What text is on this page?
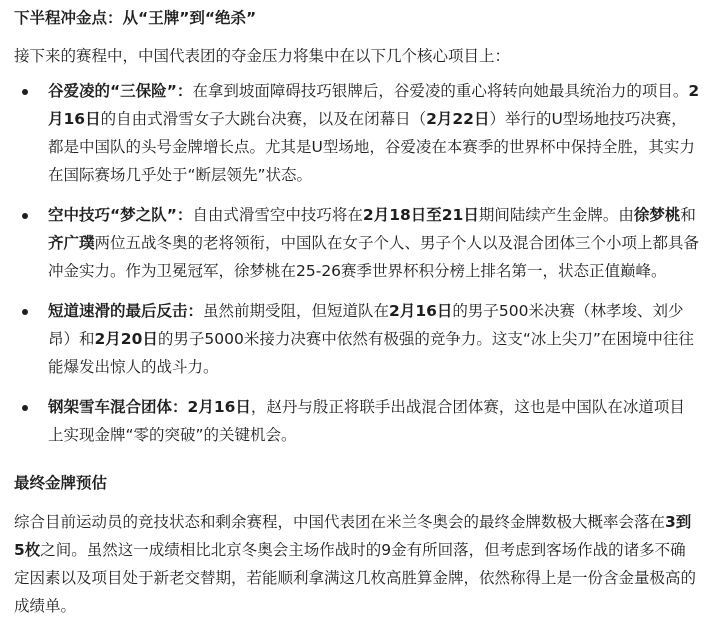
下半程冲金点：从“王牌”到“绝杀”

接下来的赛程中，中国代表团的夺金压力将集中在以下几个核心项目上：

谷爱凌的“三保险”：在拿到坡面障碍技巧银牌后，谷爱凌的重心将转向她最具统治力的项目。2月16日的自由式滑雪女子大跳台决赛，以及在闭幕日（2月22日）举行的U型场地技巧决赛，都是中国队的头号金牌增长点。尤其是U型场地，谷爱凌在本赛季的世界杯中保持全胜，其实力在国际赛场几乎处于“断层领先”状态。
空中技巧“梦之队”：自由式滑雪空中技巧将在2月18日至21日期间陆续产生金牌。由徐梦桃和齐广璞两位五战冬奥的老将领衔，中国队在女子个人、男子个人以及混合团体三个小项上都具备冲金实力。作为卫冕冠军，徐梦桃在25-26赛季世界杯积分榜上排名第一，状态正值巅峰。
短道速滑的最后反击：虽然前期受阻，但短道队在2月16日的男子500米决赛（林孝埈、刘少昂）和2月20日的男子5000米接力决赛中依然有极强的竞争力。这支“冰上尖刀”在困境中往往能爆发出惊人的战斗力。
钢架雪车混合团体：2月16日，赵丹与殷正将联手出战混合团体赛，这也是中国队在冰道项目上实现金牌“零的突破”的关键机会。
最终金牌预估

综合目前运动员的竞技状态和剩余赛程，中国代表团在米兰冬奥会的最终金牌数极大概率会落在3到5枚之间。虽然这一成绩相比北京冬奥会主场作战时的9金有所回落，但考虑到客场作战的诸多不确定因素以及项目处于新老交替期，若能顺利拿满这几枚高胜算金牌，依然称得上是一份含金量极高的成绩单。
